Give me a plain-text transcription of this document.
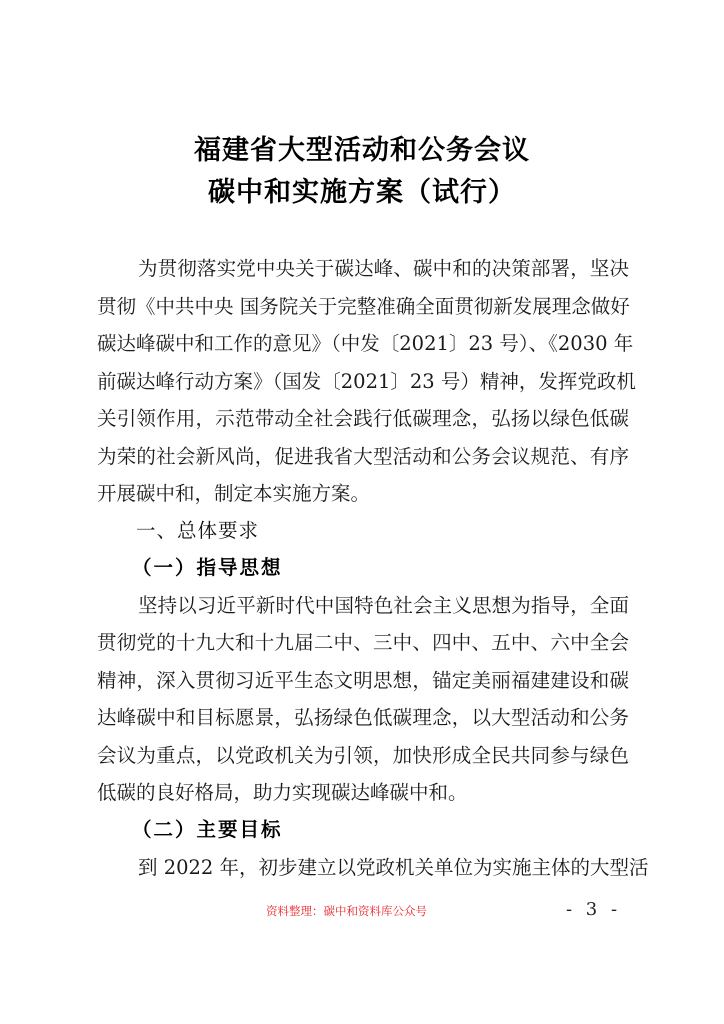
福建省大型活动和公务会议
碳中和实施方案（试行）
为贯彻落实党中央关于碳达峰、碳中和的决策部署，坚决
贯彻《中共中央 国务院关于完整准确全面贯彻新发展理念做好
碳达峰碳中和工作的意见》（中发〔2021〕23 号）、《2030 年
前碳达峰行动方案》（国发〔2021〕23 号）精神，发挥党政机
关引领作用，示范带动全社会践行低碳理念，弘扬以绿色低碳
为荣的社会新风尚，促进我省大型活动和公务会议规范、有序
开展碳中和，制定本实施方案。
一、总体要求
（一）指导思想
坚持以习近平新时代中国特色社会主义思想为指导，全面
贯彻党的十九大和十九届二中、三中、四中、五中、六中全会
精神，深入贯彻习近平生态文明思想，锚定美丽福建建设和碳
达峰碳中和目标愿景，弘扬绿色低碳理念，以大型活动和公务
会议为重点，以党政机关为引领，加快形成全民共同参与绿色
低碳的良好格局，助力实现碳达峰碳中和。
（二）主要目标
到 2022 年，初步建立以党政机关单位为实施主体的大型活
资料整理：碳中和资料库公众号	- 3 -
